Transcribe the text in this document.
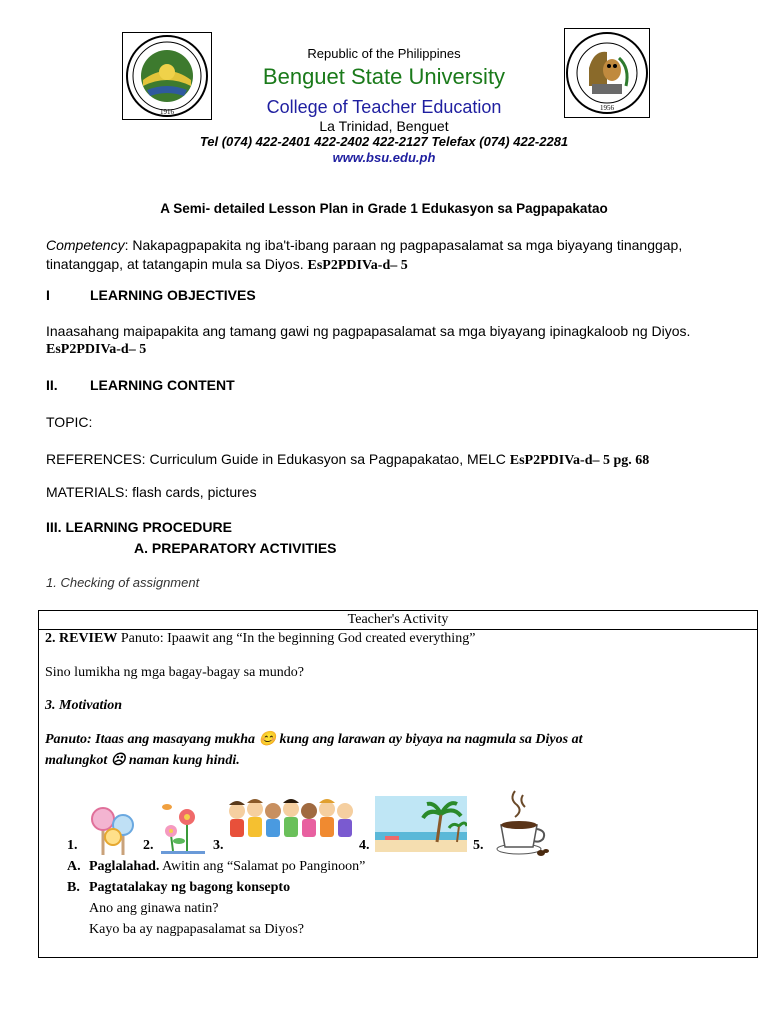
1916	1956
Republic of the Philippines
Benguet State University
College of Teacher Education
La Trinidad, Benguet
Tel (074) 422-2401 422-2402 422-2127 Telefax (074) 422-2281
www.bsu.edu.ph
A Semi- detailed Lesson Plan in Grade 1 Edukasyon sa Pagpapakatao
Competency: Nakapagpapakita ng iba't-ibang paraan ng pagpapasalamat sa mga biyayang tinanggap,
tinatanggap, at tatangapin mula sa Diyos. EsP2PDIVa-d– 5
I	LEARNING OBJECTIVES
Inaasahang maipapakita ang tamang gawi ng pagpapasalamat sa mga biyayang ipinagkaloob ng Diyos.
EsP2PDIVa-d– 5
II. LEARNING CONTENT
TOPIC:
REFERENCES: Curriculum Guide in Edukasyon sa Pagpapakatao, MELC EsP2PDIVa-d– 5 pg. 68
MATERIALS: flash cards, pictures
III. LEARNING PROCEDURE
A. PREPARATORY ACTIVITIES
1. Checking of assignment
Teacher's Activity
2. REVIEW Panuto: Ipaawit ang “In the beginning God created everything”
Sino lumikha ng mga bagay-bagay sa mundo?
3. Motivation
Panuto: Itaas ang masayang mukha 😊 kung ang larawan ay biyaya na nagmula sa Diyos at
malungkot ☹ naman kung hindi.
1.	2.	3.	4.	5.
A. Paglalahad. Awitin ang “Salamat po Panginoon”
B. Pagtatalakay ng bagong konsepto
Ano ang ginawa natin?
Kayo ba ay nagpapasalamat sa Diyos?
